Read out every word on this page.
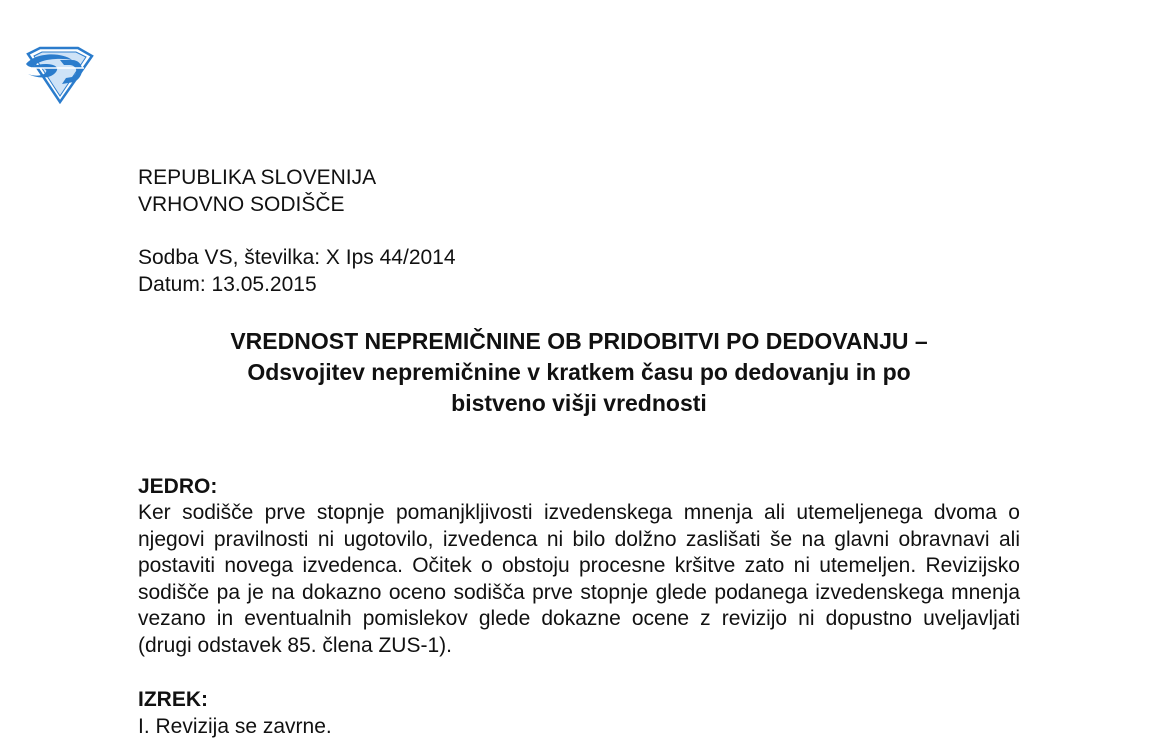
REPUBLIKA SLOVENIJA
VRHOVNO SODIŠČE
Sodba VS, številka: X Ips 44/2014
Datum: 13.05.2015
VREDNOST NEPREMIČNINE OB PRIDOBITVI PO DEDOVANJU –
Odsvojitev nepremičnine v kratkem času po dedovanju in po
bistveno višji vrednosti
JEDRO:
Ker sodišče prve stopnje pomanjkljivosti izvedenskega mnenja ali utemeljenega dvoma o njegovi pravilnosti ni ugotovilo, izvedenca ni bilo dolžno zaslišati še na glavni obravnavi ali postaviti novega izvedenca. Očitek o obstoju procesne kršitve zato ni utemeljen. Revizijsko sodišče pa je na dokazno oceno sodišča prve stopnje glede podanega izvedenskega mnenja vezano in eventualnih pomislekov glede dokazne ocene z revizijo ni dopustno uveljavljati (drugi odstavek 85. člena ZUS-1).
IZREK:
I. Revizija se zavrne.
